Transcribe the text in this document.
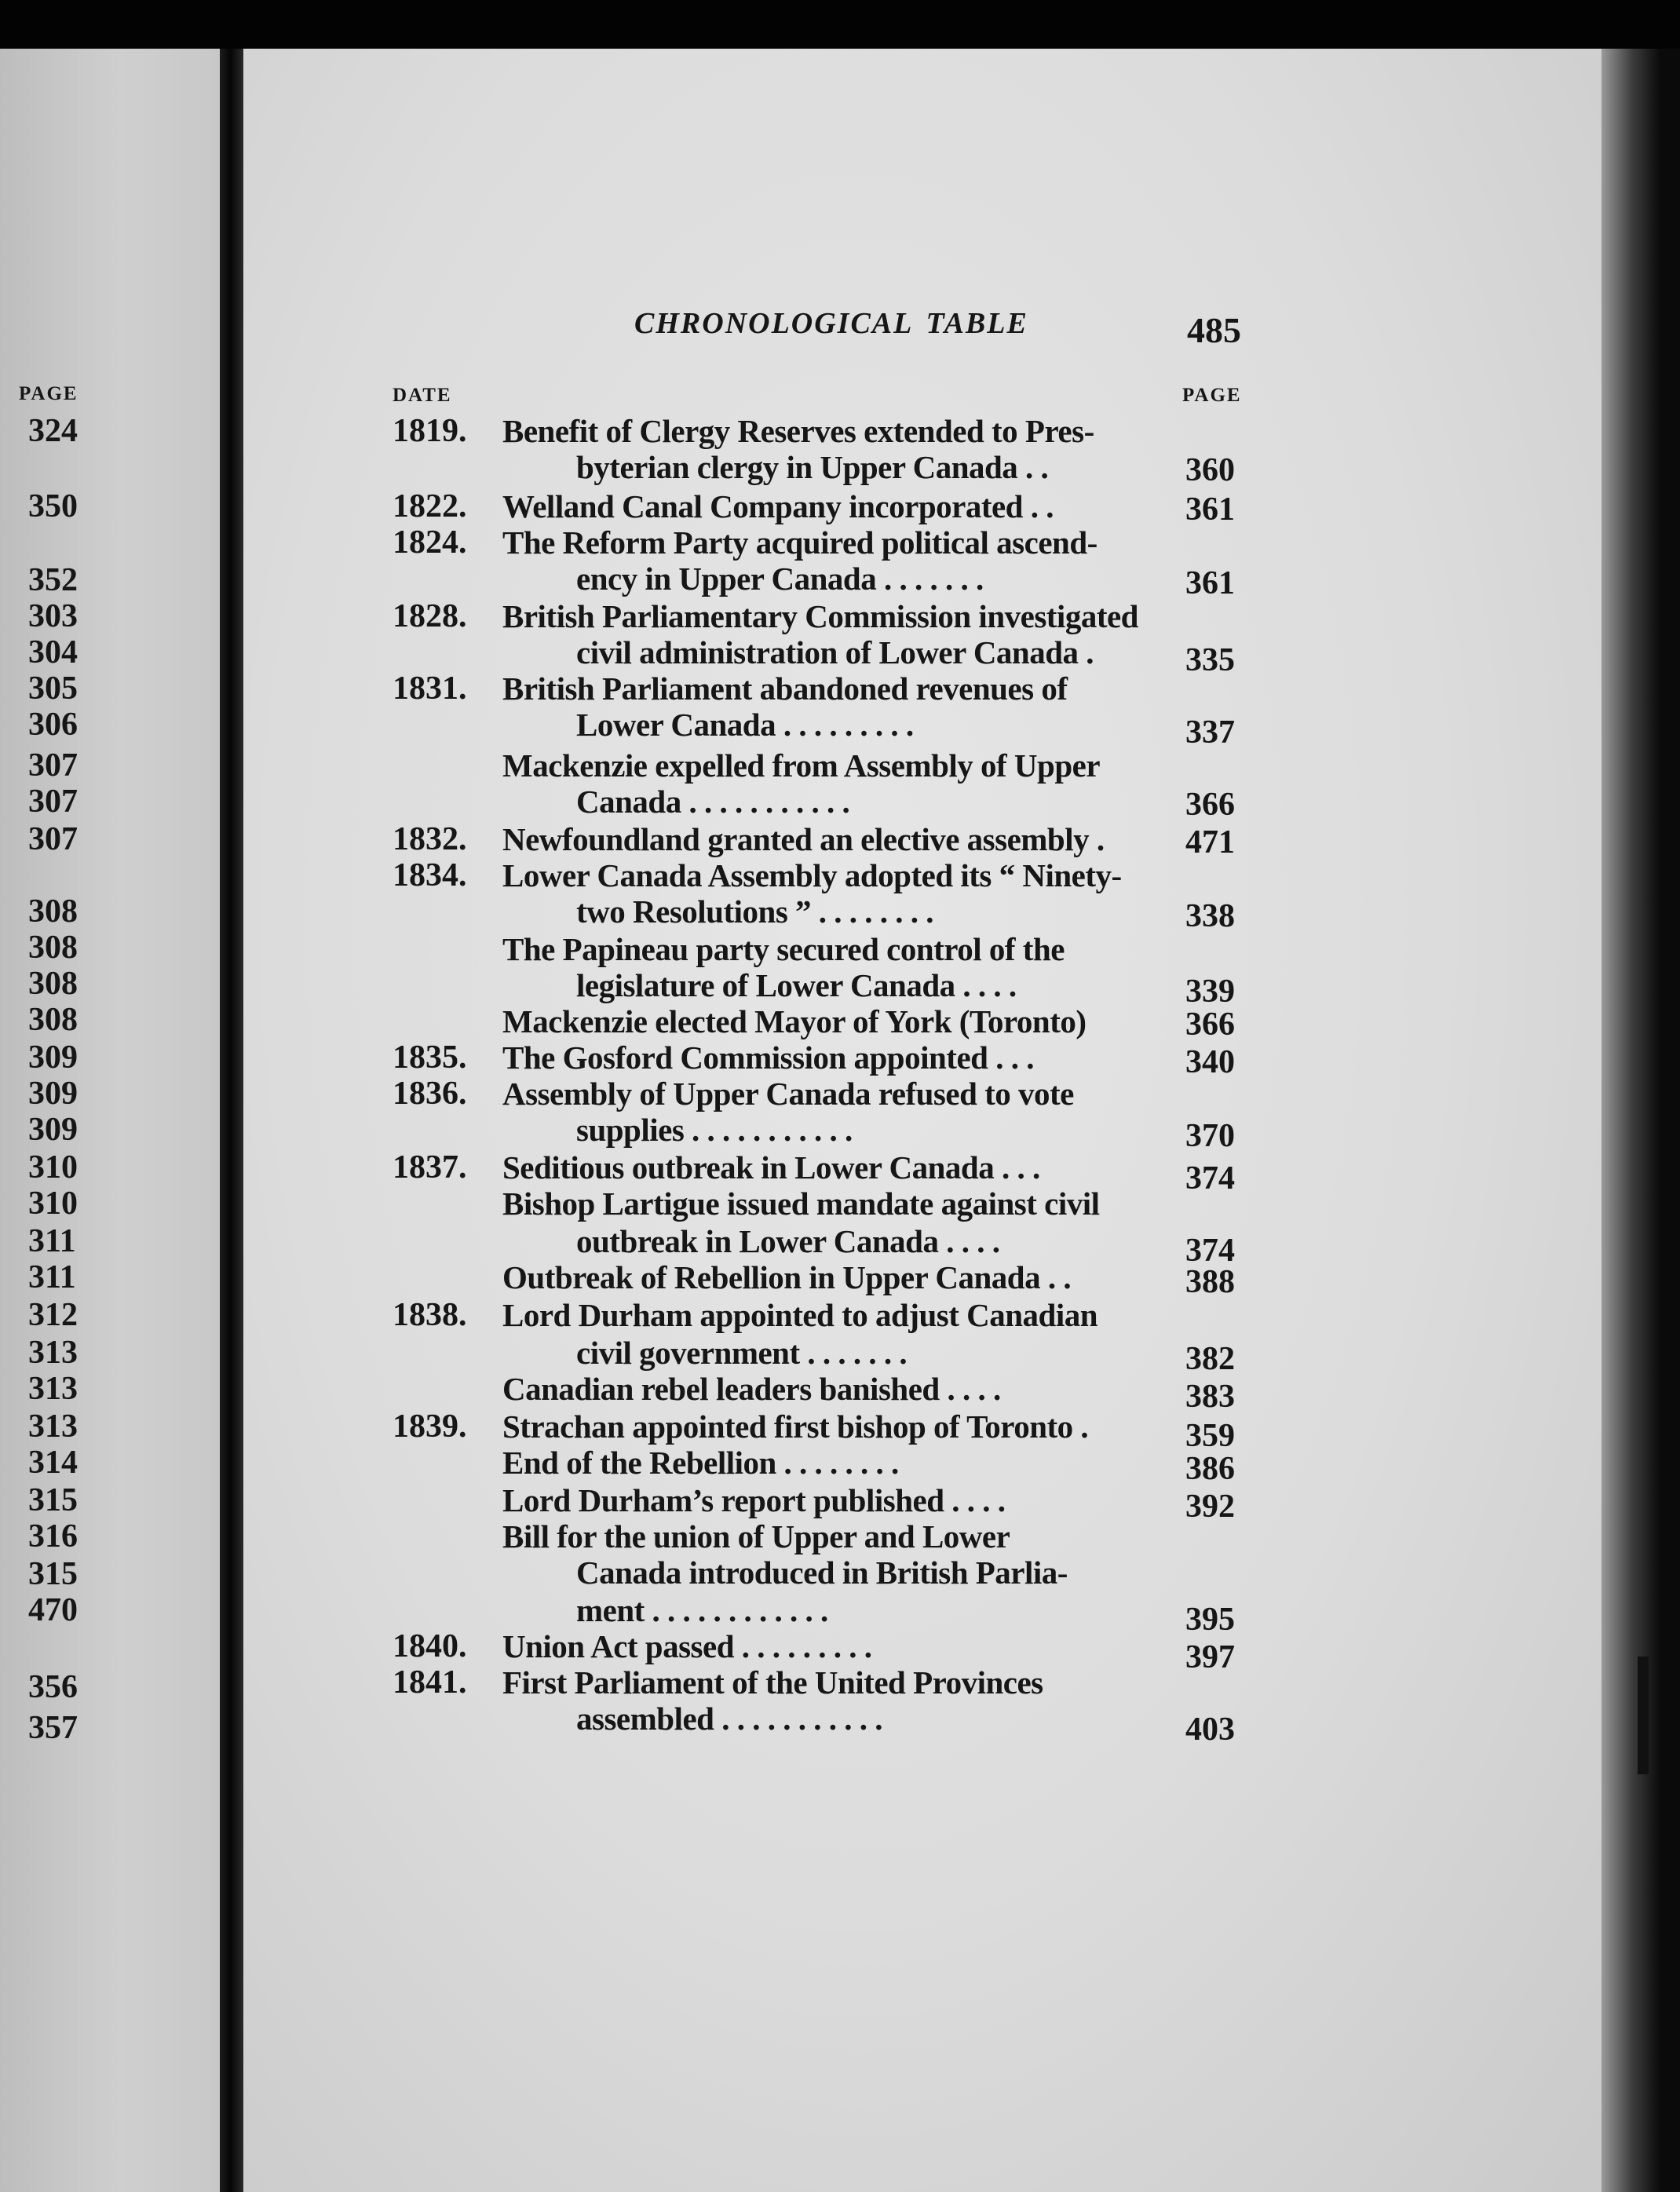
PAGE
324
350
352
303
304
305
306
307
307
307
308
308
308
308
309
309
309
310
310
311
311
312
313
313
313
314
315
316
315
470
356
357
CHRONOLOGICAL TABLE	485
DATE	PAGE
1819.
1822.
1824.
1828.
1831.
1832.
1834.
1835.
1836.
1837.
1838.
1839.
1840.
1841.
Benefit of Clergy Reserves extended to Pres-
byterian clergy in Upper Canada . .
Welland Canal Company incorporated . .
The Reform Party acquired political ascend-
ency in Upper Canada . . . . . . .
British Parliamentary Commission investigated
civil administration of Lower Canada .
British Parliament abandoned revenues of
Lower Canada . . . . . . . . .
Mackenzie expelled from Assembly of Upper
Canada . . . . . . . . . . .
Newfoundland granted an elective assembly .
Lower Canada Assembly adopted its “ Ninety-
two Resolutions ” . . . . . . . .
The Papineau party secured control of the
legislature of Lower Canada . . . .
Mackenzie elected Mayor of York (Toronto)
The Gosford Commission appointed . . .
Assembly of Upper Canada refused to vote
supplies . . . . . . . . . . .
Seditious outbreak in Lower Canada . . .
Bishop Lartigue issued mandate against civil
outbreak in Lower Canada . . . .
Outbreak of Rebellion in Upper Canada . .
Lord Durham appointed to adjust Canadian
civil government . . . . . . .
Canadian rebel leaders banished . . . .
Strachan appointed first bishop of Toronto .
End of the Rebellion . . . . . . . .
Lord Durham’s report published . . . .
Bill for the union of Upper and Lower
Canada introduced in British Parlia-
ment . . . . . . . . . . . .
Union Act passed . . . . . . . . .
First Parliament of the United Provinces
assembled . . . . . . . . . . .
360
361
361
335
337
366
471
338
339
366
340
370
374
374
388
382
383
359
386
392
395
397
403
